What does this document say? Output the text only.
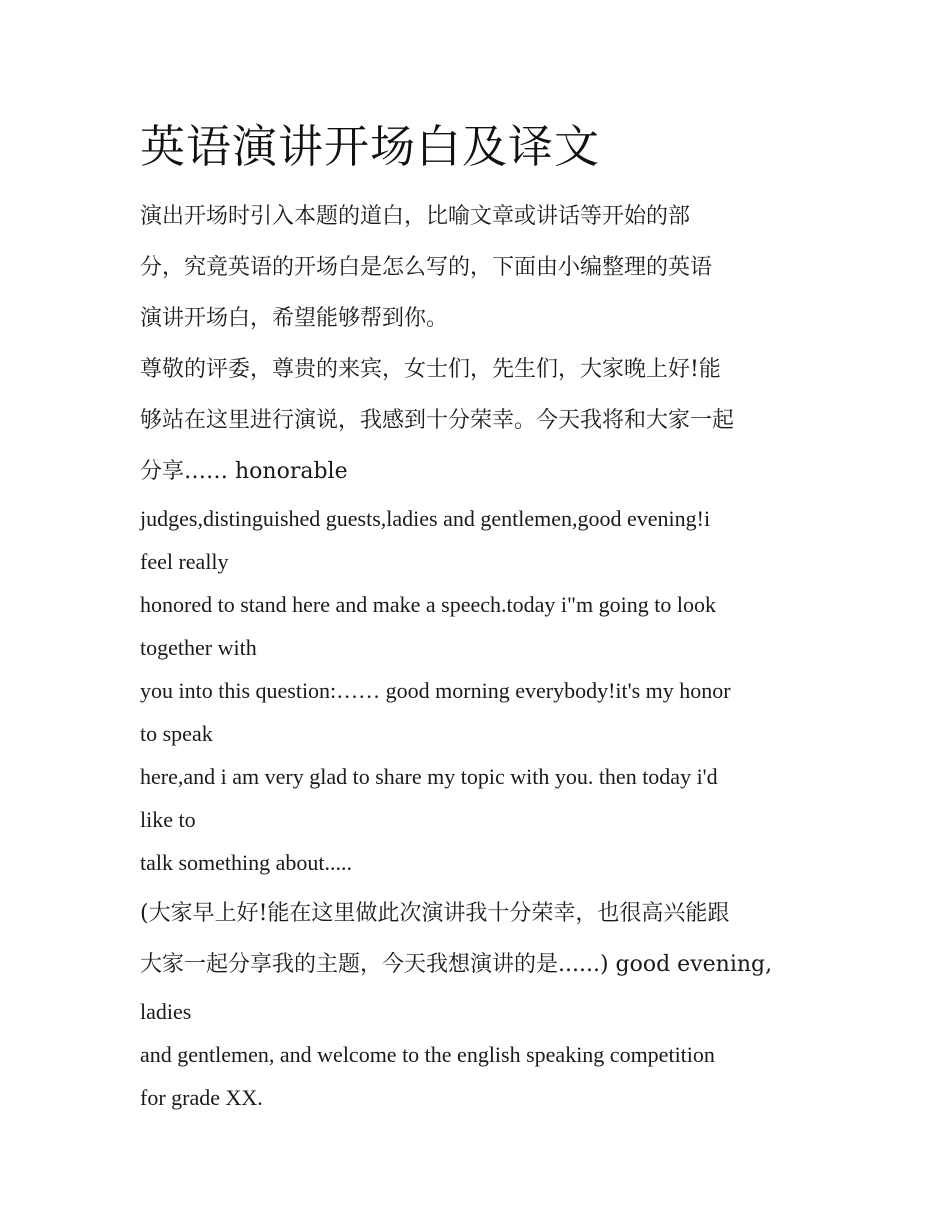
英语演讲开场白及译文

演出开场时引入本题的道白，比喻文章或讲话等开始的部

分，究竟英语的开场白是怎么写的，下面由小编整理的英语

演讲开场白，希望能够帮到你。

尊敬的评委，尊贵的来宾，女士们，先生们，大家晚上好!能

够站在这里进行演说，我感到十分荣幸。今天我将和大家一起

分享…… honorable

judges,distinguished guests,ladies and gentlemen,good evening!i

feel really

honored to stand here and make a speech.today i"m going to look

together with

you into this question:…… good morning everybody!it's my honor

to speak

here,and i am very glad to share my topic with you. then today i'd

like to

talk something about.....

(大家早上好!能在这里做此次演讲我十分荣幸，也很高兴能跟

大家一起分享我的主题，今天我想演讲的是......) good evening,

ladies

and gentlemen, and welcome to the english speaking competition

for grade XX.
